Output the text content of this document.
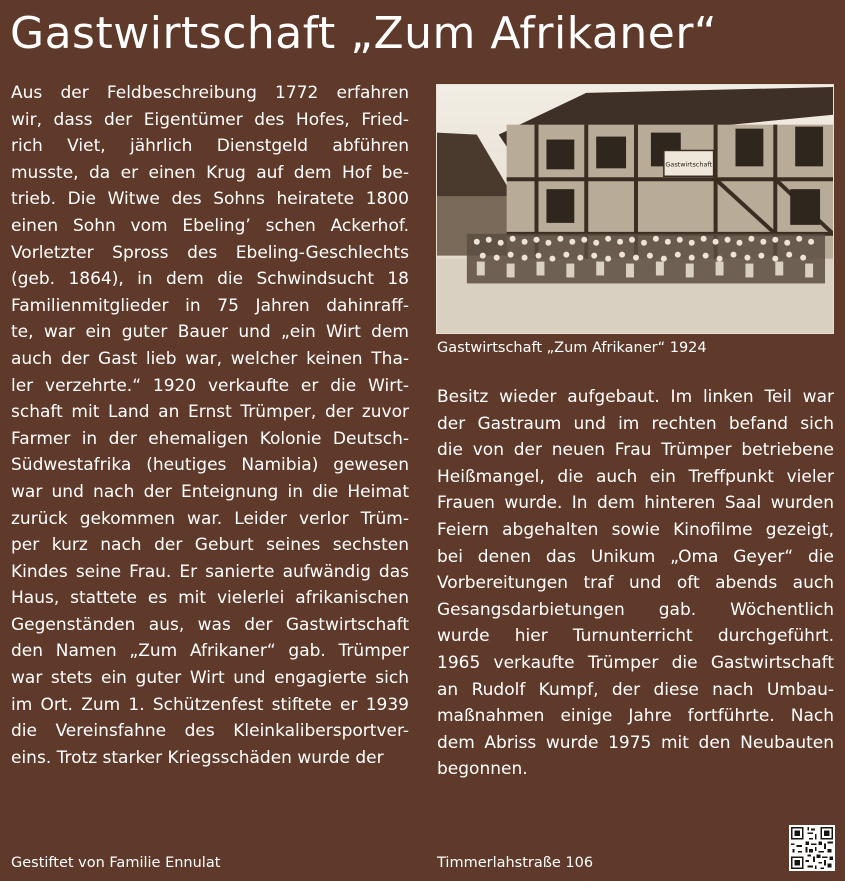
Gastwirtschaft „Zum Afrikaner“
Aus der Feldbeschreibung 1772 erfahren
wir, dass der Eigentümer des Hofes, Fried-
rich Viet, jährlich Dienstgeld abführen
musste, da er einen Krug auf dem Hof be-
trieb. Die Witwe des Sohns heiratete 1800
einen Sohn vom Ebeling’ schen Ackerhof.
Vorletzter Spross des Ebeling-Geschlechts
(geb. 1864), in dem die Schwindsucht 18
Familienmitglieder in 75 Jahren dahinraff-
te, war ein guter Bauer und „ein Wirt dem
auch der Gast lieb war, welcher keinen Tha-
ler verzehrte.“ 1920 verkaufte er die Wirt-
schaft mit Land an Ernst Trümper, der zuvor
Farmer in der ehemaligen Kolonie Deutsch-
Südwestafrika (heutiges Namibia) gewesen
war und nach der Enteignung in die Heimat
zurück gekommen war. Leider verlor Trüm-
per kurz nach der Geburt seines sechsten
Kindes seine Frau. Er sanierte aufwändig das
Haus, stattete es mit vielerlei afrikanischen
Gegenständen aus, was der Gastwirtschaft
den Namen „Zum Afrikaner“ gab. Trümper
war stets ein guter Wirt und engagierte sich
im Ort. Zum 1. Schützenfest stiftete er 1939
die Vereinsfahne des Kleinkalibersportver-
eins. Trotz starker Kriegsschäden wurde der
Gastwirtschaft
Gastwirtschaft „Zum Afrikaner“ 1924
Besitz wieder aufgebaut. Im linken Teil war
der Gastraum und im rechten befand sich
die von der neuen Frau Trümper betriebene
Heißmangel, die auch ein Treffpunkt vieler
Frauen wurde. In dem hinteren Saal wurden
Feiern abgehalten sowie Kinofilme gezeigt,
bei denen das Unikum „Oma Geyer“ die
Vorbereitungen traf und oft abends auch
Gesangsdarbietungen gab. Wöchentlich
wurde hier Turnunterricht durchgeführt.
1965 verkaufte Trümper die Gastwirtschaft
an Rudolf Kumpf, der diese nach Umbau-
maßnahmen einige Jahre fortführte. Nach
dem Abriss wurde 1975 mit den Neubauten
begonnen.
Gestiftet von Familie Ennulat	Timmerlahstraße 106
